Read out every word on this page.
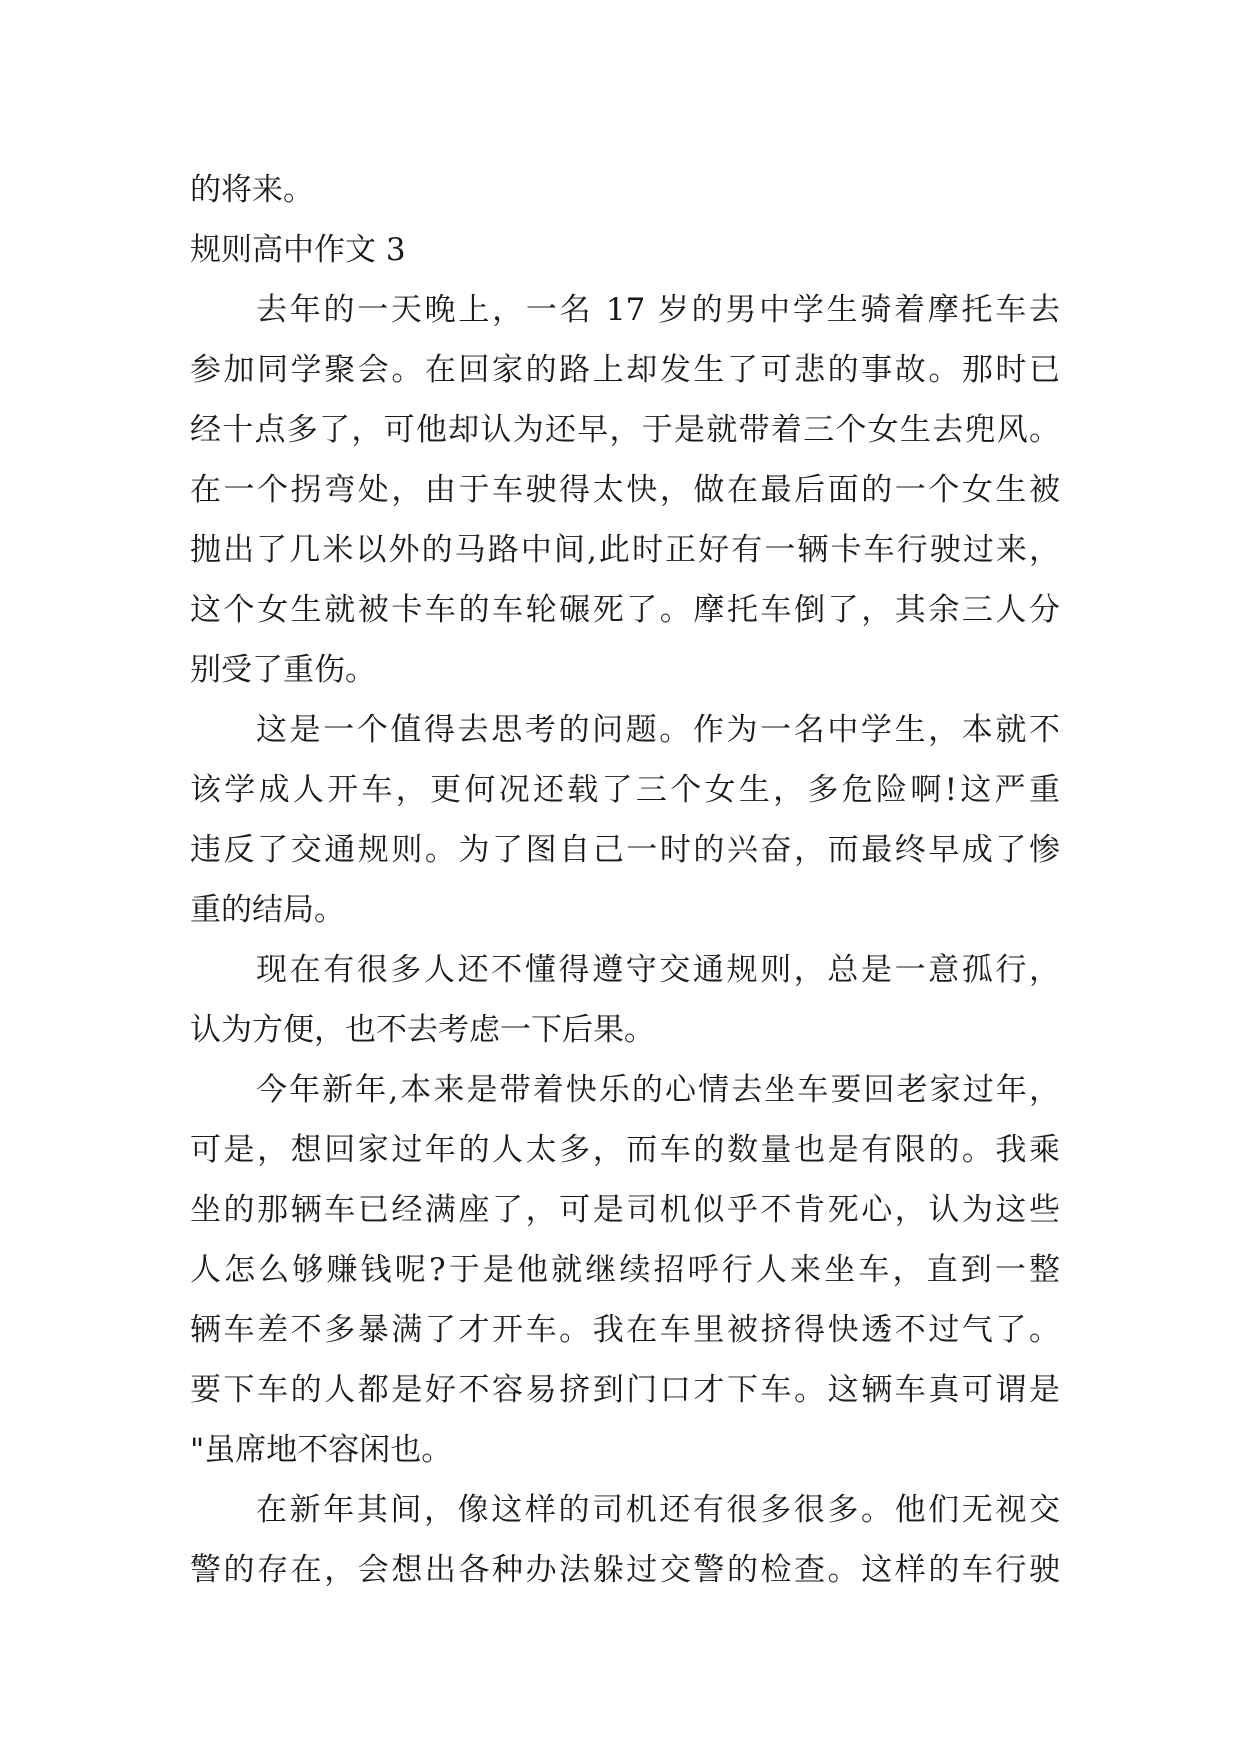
的将来。
规则高中作文 3
去年的一天晚上，一名 17 岁的男中学生骑着摩托车去
参加同学聚会。在回家的路上却发生了可悲的事故。那时已
经十点多了，可他却认为还早，于是就带着三个女生去兜风。
在一个拐弯处，由于车驶得太快，做在最后面的一个女生被
抛出了几米以外的马路中间,此时正好有一辆卡车行驶过来，
这个女生就被卡车的车轮碾死了。摩托车倒了，其余三人分
别受了重伤。
这是一个值得去思考的问题。作为一名中学生，本就不
该学成人开车，更何况还载了三个女生，多危险啊!这严重
违反了交通规则。为了图自己一时的兴奋，而最终早成了惨
重的结局。
现在有很多人还不懂得遵守交通规则，总是一意孤行，
认为方便，也不去考虑一下后果。
今年新年,本来是带着快乐的心情去坐车要回老家过年，
可是，想回家过年的人太多，而车的数量也是有限的。我乘
坐的那辆车已经满座了，可是司机似乎不肯死心，认为这些
人怎么够赚钱呢?于是他就继续招呼行人来坐车，直到一整
辆车差不多暴满了才开车。我在车里被挤得快透不过气了。
要下车的人都是好不容易挤到门口才下车。这辆车真可谓是
"虽席地不容闲也。
在新年其间，像这样的司机还有很多很多。他们无视交
警的存在，会想出各种办法躲过交警的检查。这样的车行驶
